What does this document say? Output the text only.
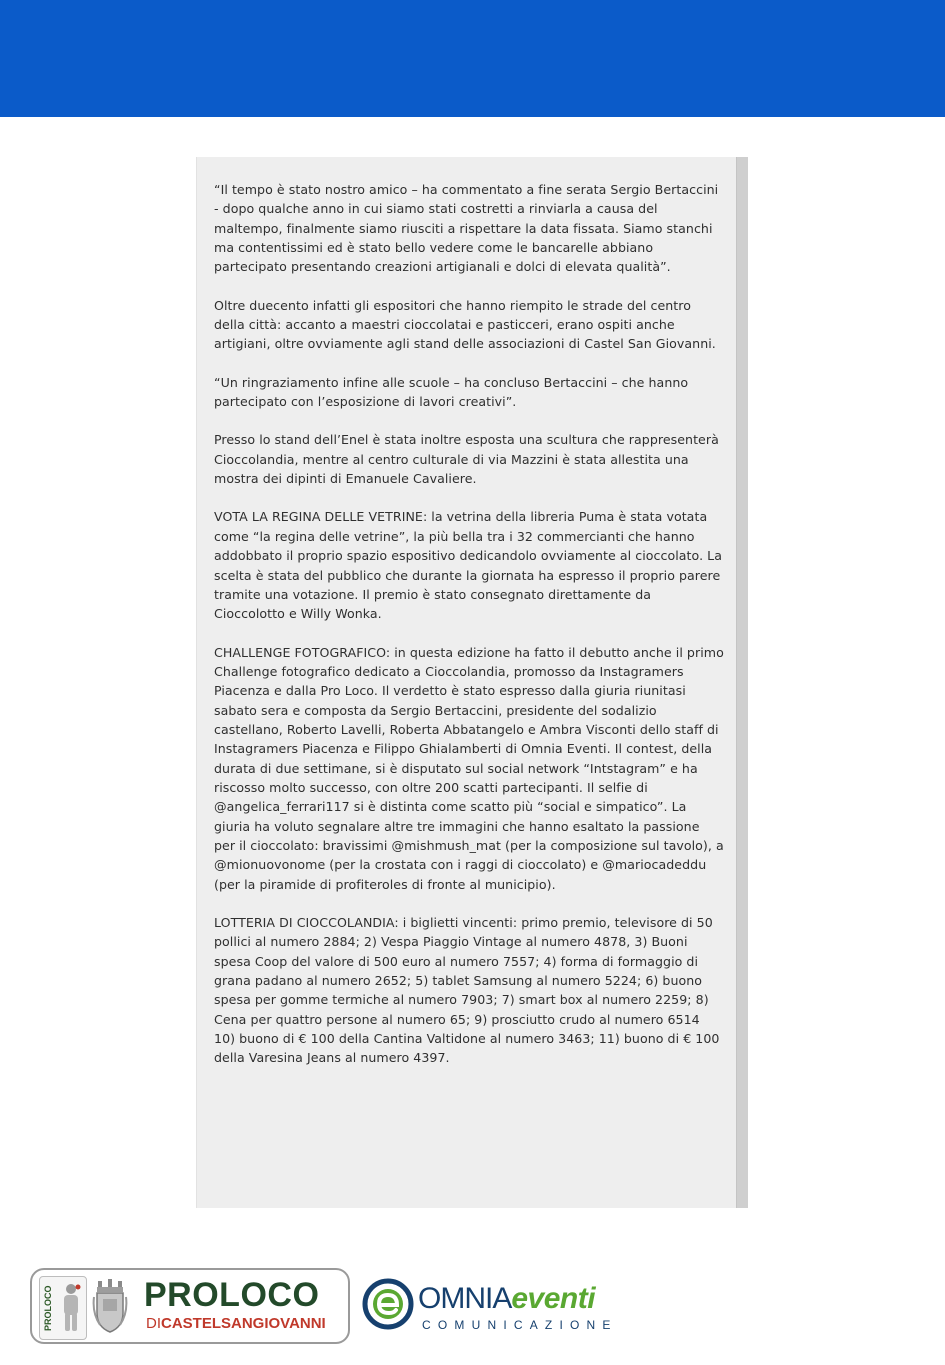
“Il tempo è stato nostro amico – ha commentato a fine serata Sergio Bertaccini - dopo qualche anno in cui siamo stati costretti a rinviarla a causa del maltempo, finalmente siamo riusciti a rispettare la data fissata. Siamo stanchi ma contentissimi ed è stato bello vedere come le bancarelle abbiano partecipato presentando creazioni artigianali e dolci di elevata qualità”.

Oltre duecento infatti gli espositori che hanno riempito le strade del centro della città: accanto a maestri cioccolatai e pasticceri, erano ospiti anche artigiani, oltre ovviamente agli stand delle associazioni di Castel San Giovanni.

“Un ringraziamento infine alle scuole – ha concluso Bertaccini – che hanno partecipato con l’esposizione di lavori creativi”.

Presso lo stand dell’Enel è stata inoltre esposta una scultura che rappresenterà Cioccolandia, mentre al centro culturale di via Mazzini è stata allestita una mostra dei dipinti di Emanuele Cavaliere.

VOTA LA REGINA DELLE VETRINE: la vetrina della libreria Puma è stata votata come “la regina delle vetrine”, la più bella tra i 32 commercianti che hanno addobbato il proprio spazio espositivo dedicandolo ovviamente al cioccolato. La scelta è stata del pubblico che durante la giornata ha espresso il proprio parere tramite una votazione. Il premio è stato consegnato direttamente da Cioccolotto e Willy Wonka.

CHALLENGE FOTOGRAFICO: in questa edizione ha fatto il debutto anche il primo Challenge fotografico dedicato a Cioccolandia, promosso da Instagramers Piacenza e dalla Pro Loco. Il verdetto è stato espresso dalla giuria riunitasi sabato sera e composta da Sergio Bertaccini, presidente del sodalizio castellano, Roberto Lavelli, Roberta Abbatangelo e Ambra Visconti dello staff di Instagramers Piacenza e Filippo Ghialamberti di Omnia Eventi. Il contest, della durata di due settimane, si è disputato sul social network “Intstagram” e ha riscosso molto successo, con oltre 200 scatti partecipanti. Il selfie di @angelica_ferrari117 si è distinta come scatto più “social e simpatico”. La giuria ha voluto segnalare altre tre immagini che hanno esaltato la passione per il cioccolato: bravissimi @mishmush_mat (per la composizione sul tavolo), a @mionuovonome (per la crostata con i raggi di cioccolato) e @mariocadeddu (per la piramide di profiteroles di fronte al municipio).

LOTTERIA DI CIOCCOLANDIA: i biglietti vincenti: primo premio, televisore di 50 pollici al numero 2884; 2) Vespa Piaggio Vintage al numero 4878, 3) Buoni spesa Coop del valore di 500 euro al numero 7557; 4) forma di formaggio di grana padano al numero 2652; 5) tablet Samsung al numero 5224; 6) buono spesa per gomme termiche al numero 7903; 7) smart box al numero 2259; 8) Cena per quattro persone al numero 65; 9) prosciutto crudo al numero 6514 10) buono di € 100 della Cantina Valtidone al numero 3463; 11) buono di € 100 della Varesina Jeans al numero 4397.

PROLOCO	PROLOCO
DICASTELSANGIOVANNI
OMNIAeventi
COMUNICAZIONE
